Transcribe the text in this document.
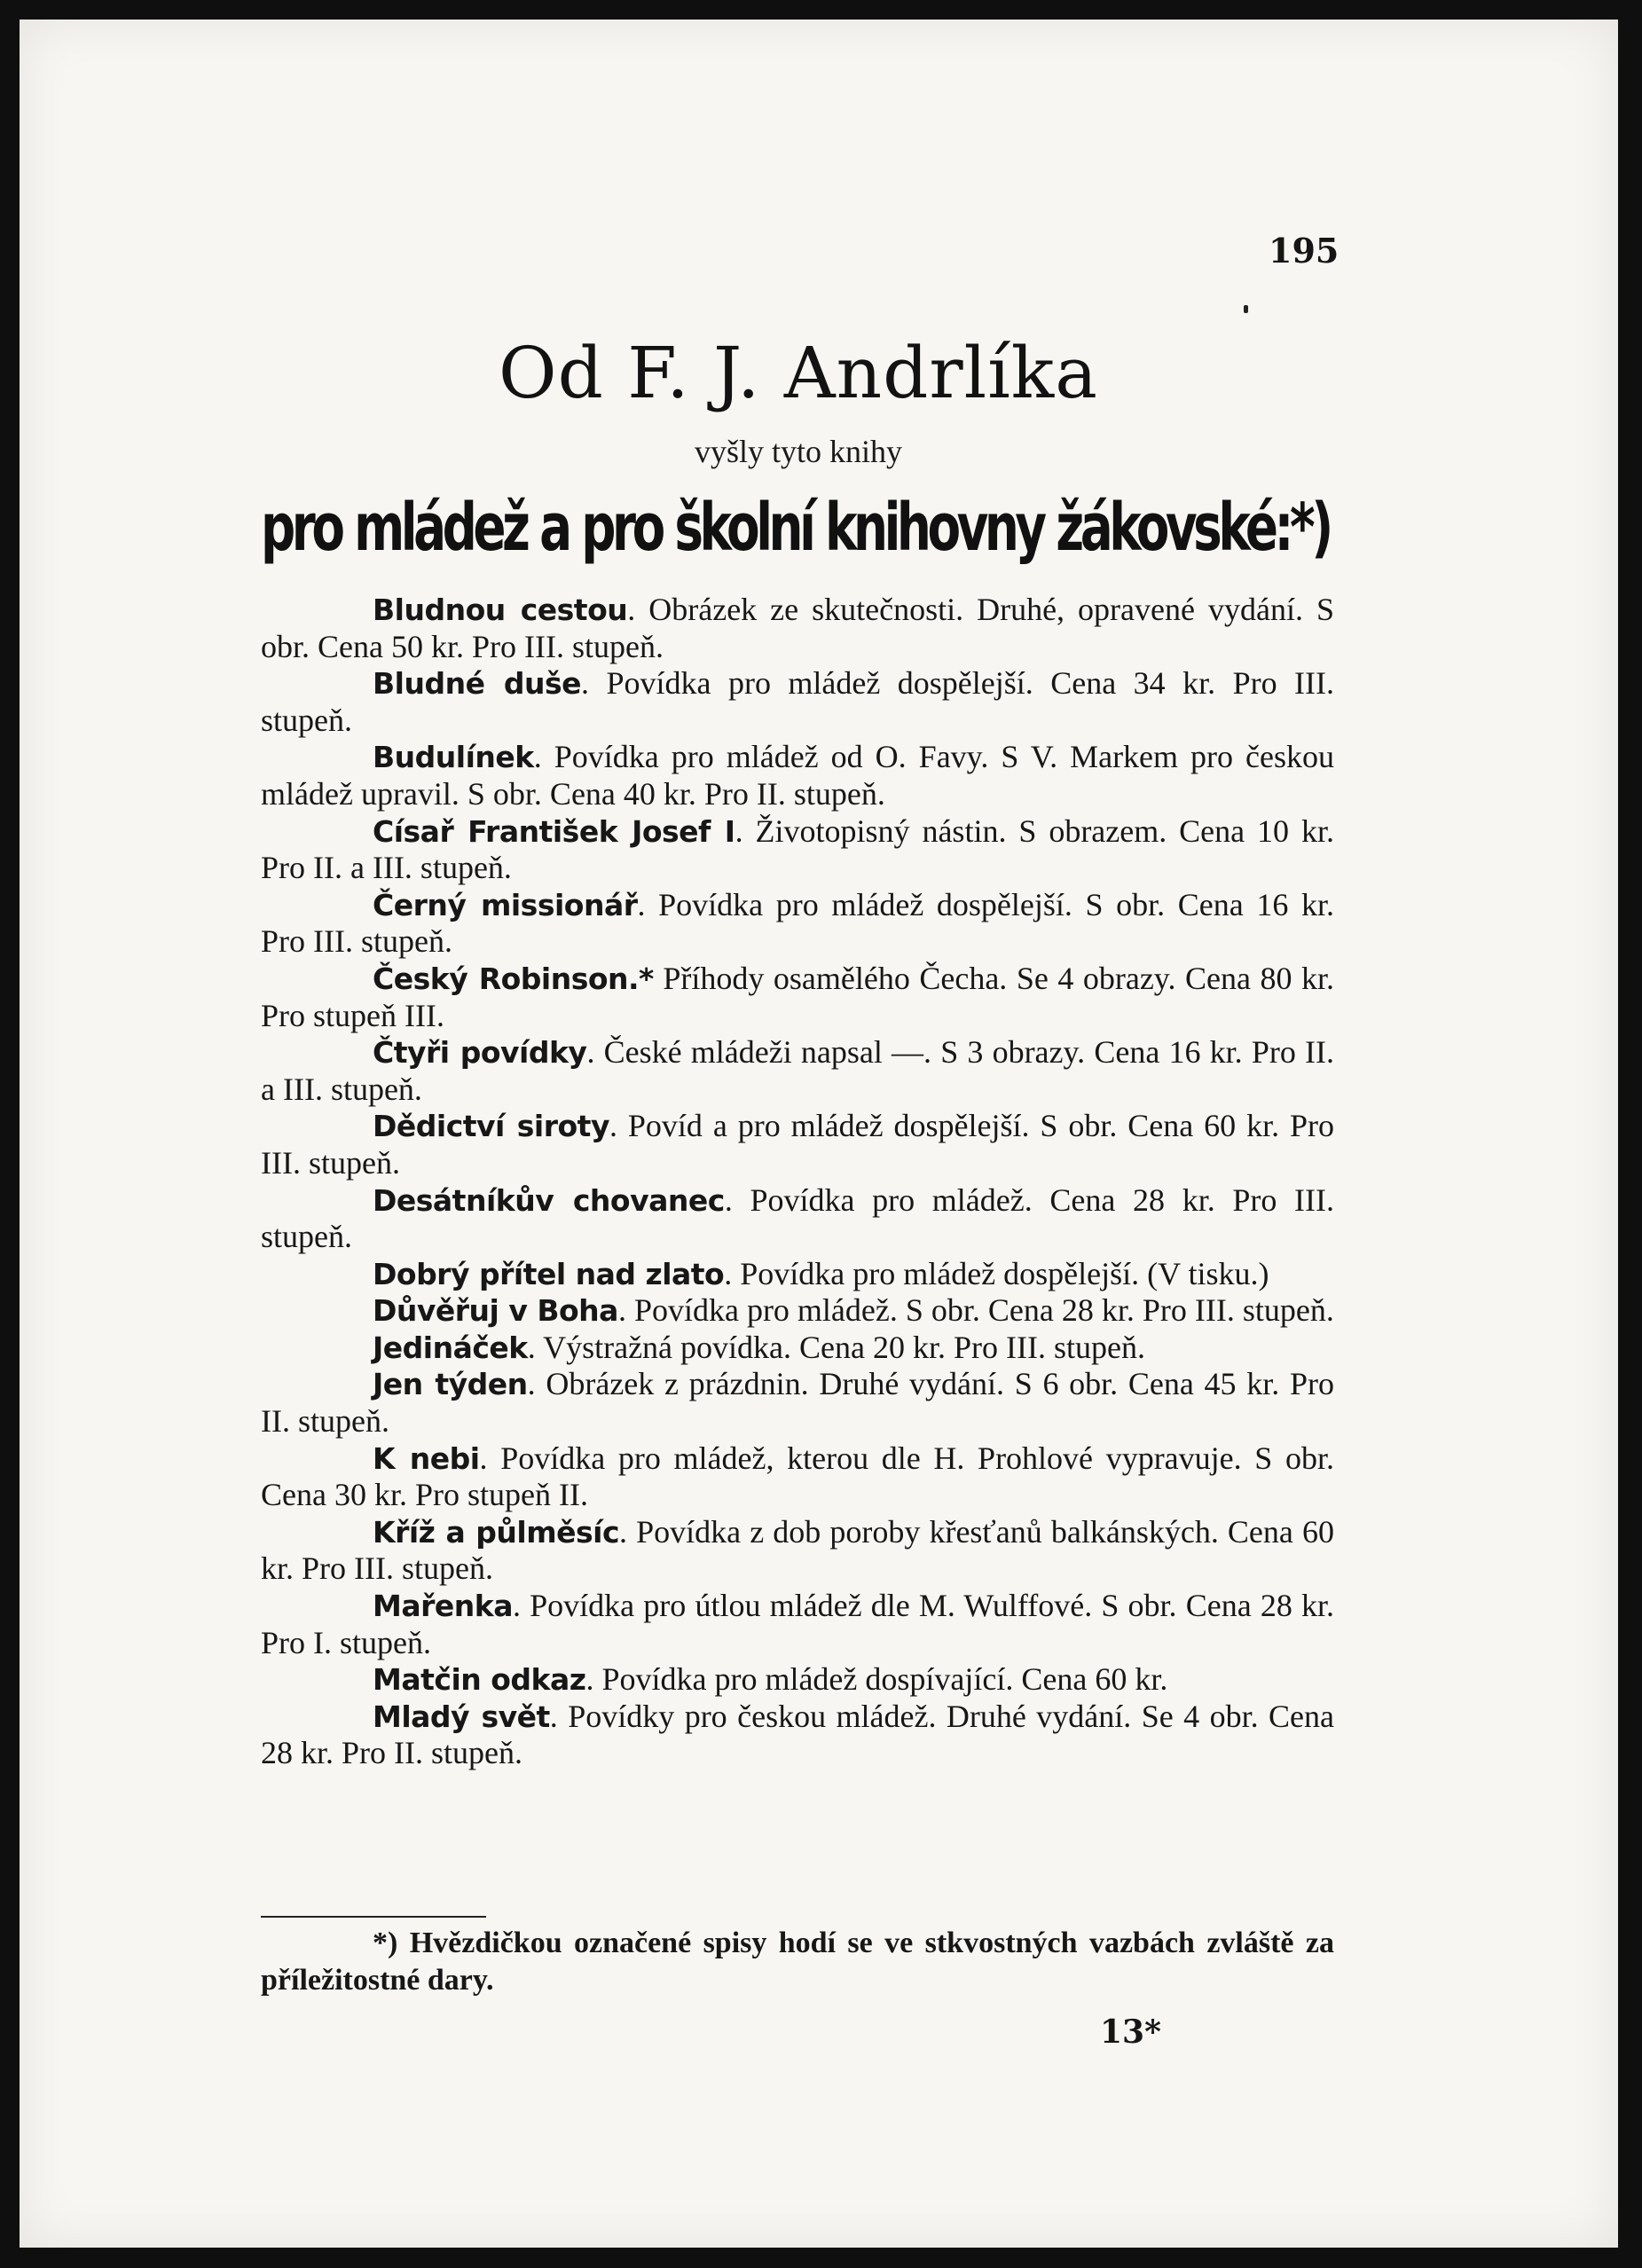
195
Od F. J. Andrlíka
vyšly tyto knihy
pro mládež a pro školní knihovny žákovské:*)

Bludnou cestou. Obrázek ze skutečnosti. Druhé, opravené vydání. S obr. Cena 50 kr. Pro III. stupeň.

Bludné duše. Povídka pro mládež dospělejší. Cena 34 kr. Pro III. stupeň.

Budulínek. Povídka pro mládež od O. Favy. S V. Markem pro českou mládež upravil. S obr. Cena 40 kr. Pro II. stupeň.

Císař František Josef I. Životopisný nástin. S obrazem. Cena 10 kr. Pro II. a III. stupeň.

Černý missionář. Povídka pro mládež dospělejší. S obr. Cena 16 kr. Pro III. stupeň.

Český Robinson.* Příhody osamělého Čecha. Se 4 obrazy. Cena 80 kr. Pro stupeň III.

Čtyři povídky. České mládeži napsal —. S 3 obrazy. Cena 16 kr. Pro II. a III. stupeň.

Dědictví siroty. Povíd a pro mládež dospělejší. S obr. Cena 60 kr. Pro III. stupeň.

Desátníkův chovanec. Povídka pro mládež. Cena 28 kr. Pro III. stupeň.

Dobrý přítel nad zlato. Povídka pro mládež dospělejší. (V tisku.)

Důvěřuj v Boha. Povídka pro mládež. S obr. Cena 28 kr. Pro III. stupeň.

Jedináček. Výstražná povídka. Cena 20 kr. Pro III. stupeň.

Jen týden. Obrázek z prázdnin. Druhé vydání. S 6 obr. Cena 45 kr. Pro II. stupeň.

K nebi. Povídka pro mládež, kterou dle H. Prohlové vypravuje. S obr. Cena 30 kr. Pro stupeň II.

Kříž a půlměsíc. Povídka z dob poroby křesťanů balkánských. Cena 60 kr. Pro III. stupeň.

Mařenka. Povídka pro útlou mládež dle M. Wulffové. S obr. Cena 28 kr. Pro I. stupeň.

Matčin odkaz. Povídka pro mládež dospívající. Cena 60 kr.

Mladý svět. Povídky pro českou mládež. Druhé vydání. Se 4 obr. Cena 28 kr. Pro II. stupeň.

*) Hvězdičkou označené spisy hodí se ve stkvostných vazbách zvláště za příležitostné dary.
13*
